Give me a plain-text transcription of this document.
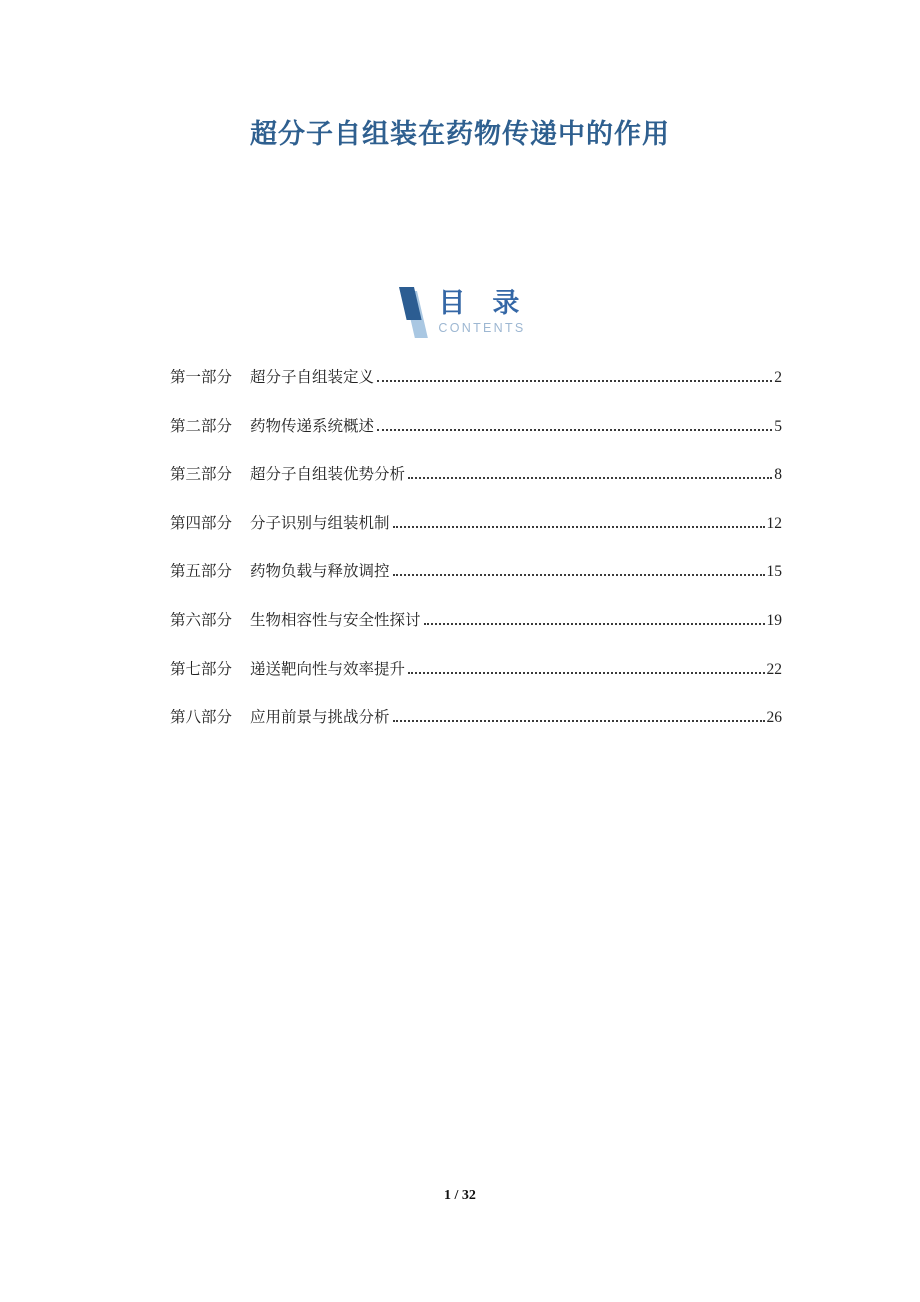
超分子自组装在药物传递中的作用
目　录
CONTENTS
第一部分 超分子自组装定义	2
第二部分 药物传递系统概述	5
第三部分 超分子自组装优势分析	8
第四部分 分子识别与组装机制	12
第五部分 药物负载与释放调控	15
第六部分 生物相容性与安全性探讨	19
第七部分 递送靶向性与效率提升	22
第八部分 应用前景与挑战分析	26
1 / 32
